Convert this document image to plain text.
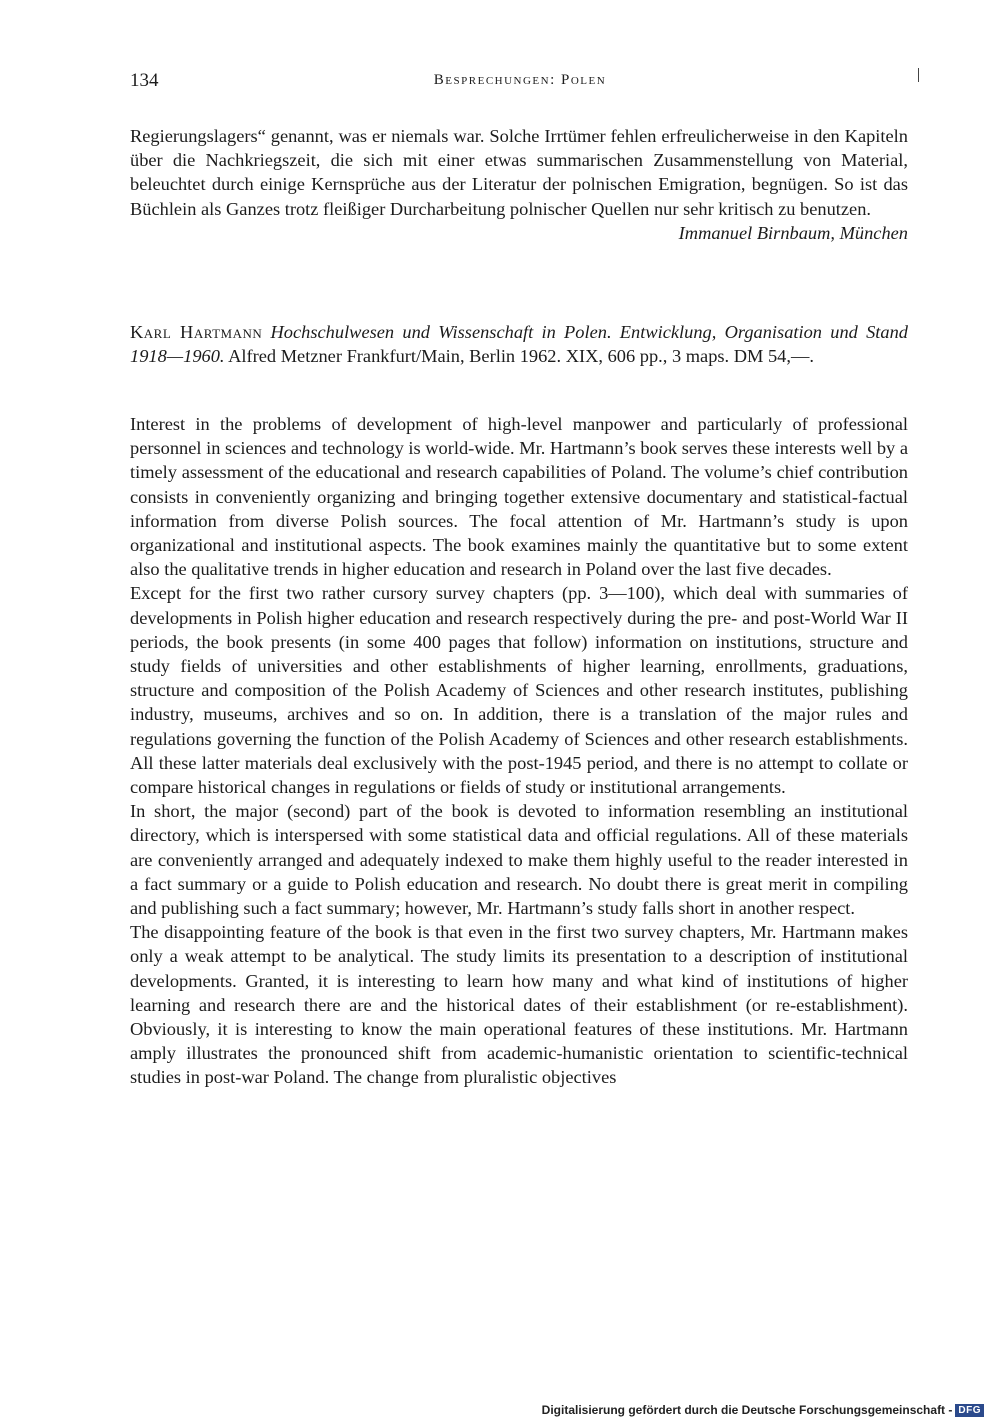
134	Besprechungen: Polen

Regierungslagers“ genannt, was er niemals war. Solche Irrtümer fehlen erfreulicherweise in den Kapiteln über die Nachkriegszeit, die sich mit einer etwas summarischen Zusammenstellung von Material, beleuchtet durch einige Kernsprüche aus der Literatur der polnischen Emigration, begnügen. So ist das Büchlein als Ganzes trotz fleißiger Durcharbeitung polnischer Quellen nur sehr kritisch zu benutzen.

Immanuel Birnbaum, München

Karl Hartmann Hochschulwesen und Wissenschaft in Polen. Entwicklung, Organisation und Stand 1918—1960. Alfred Metzner Frankfurt/Main, Berlin 1962. XIX, 606 pp., 3 maps. DM 54,—.

Interest in the problems of development of high-level manpower and particularly of professional personnel in sciences and technology is world-wide. Mr. Hartmann’s book serves these interests well by a timely assessment of the educational and research capabilities of Poland. The volume’s chief contribution consists in conveniently organizing and bringing together extensive documentary and statistical-factual information from diverse Polish sources. The focal attention of Mr. Hartmann’s study is upon organizational and institutional aspects. The book examines mainly the quantitative but to some extent also the qualitative trends in higher education and research in Poland over the last five decades.

Except for the first two rather cursory survey chapters (pp. 3—100), which deal with summaries of developments in Polish higher education and research respectively during the pre- and post-World War II periods, the book presents (in some 400 pages that follow) information on institutions, structure and study fields of universities and other establishments of higher learning, enrollments, graduations, structure and composition of the Polish Academy of Sciences and other research institutes, publishing industry, museums, archives and so on. In addition, there is a translation of the major rules and regulations governing the function of the Polish Academy of Sciences and other research establishments. All these latter materials deal exclusively with the post-1945 period, and there is no attempt to collate or compare historical changes in regulations or fields of study or institutional arrangements.

In short, the major (second) part of the book is devoted to information resembling an institutional directory, which is interspersed with some statistical data and official regulations. All of these materials are conveniently arranged and adequately indexed to make them highly useful to the reader interested in a fact summary or a guide to Polish education and research. No doubt there is great merit in compiling and publishing such a fact summary; however, Mr. Hartmann’s study falls short in another respect.

The disappointing feature of the book is that even in the first two survey chapters, Mr. Hartmann makes only a weak attempt to be analytical. The study limits its presentation to a description of institutional developments. Granted, it is interesting to learn how many and what kind of institutions of higher learning and research there are and the historical dates of their establishment (or re-establishment). Obviously, it is interesting to know the main operational features of these institutions. Mr. Hartmann amply illustrates the pronounced shift from academic-humanistic orientation to scientific-technical studies in post-war Poland. The change from pluralistic objectives

Digitalisierung gefördert durch die Deutsche Forschungsgemeinschaft - DFG
